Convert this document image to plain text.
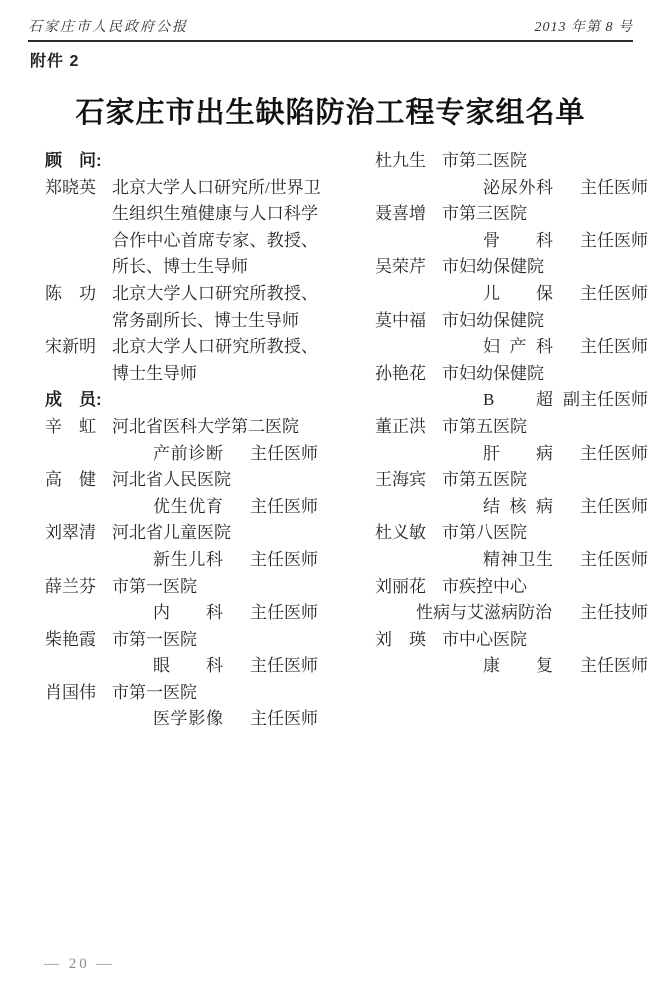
石家庄市人民政府公报	2013 年第 8 号
附件 2
石家庄市出生缺陷防治工程专家组名单
顾　问:
郑晓英 北京大学人口研究所/世界卫
生组织生殖健康与人口科学
合作中心首席专家、教授、
所长、博士生导师
陈　功 北京大学人口研究所教授、
常务副所长、博士生导师
宋新明 北京大学人口研究所教授、
博士生导师
成　员:
辛　虹 河北省医科大学第二医院
产前诊断 主任医师
高　健 河北省人民医院
优生优育 主任医师
刘翠清 河北省儿童医院
新生儿科 主任医师
薛兰芬 市第一医院
内科 主任医师
柴艳霞 市第一医院
眼科 主任医师
肖国伟 市第一医院
医学影像 主任医师
杜九生 市第二医院
泌尿外科 主任医师
聂喜增 市第三医院
骨科 主任医师
吴荣芹 市妇幼保健院
儿保 主任医师
莫中福 市妇幼保健院
妇产科 主任医师
孙艳花 市妇幼保健院
B超 副主任医师
董正洪 市第五医院
肝病 主任医师
王海宾 市第五医院
结核病 主任医师
杜义敏 市第八医院
精神卫生 主任医师
刘丽花 市疾控中心
性病与艾滋病防治 主任技师
刘　瑛 市中心医院
康复 主任医师
— 20 —
